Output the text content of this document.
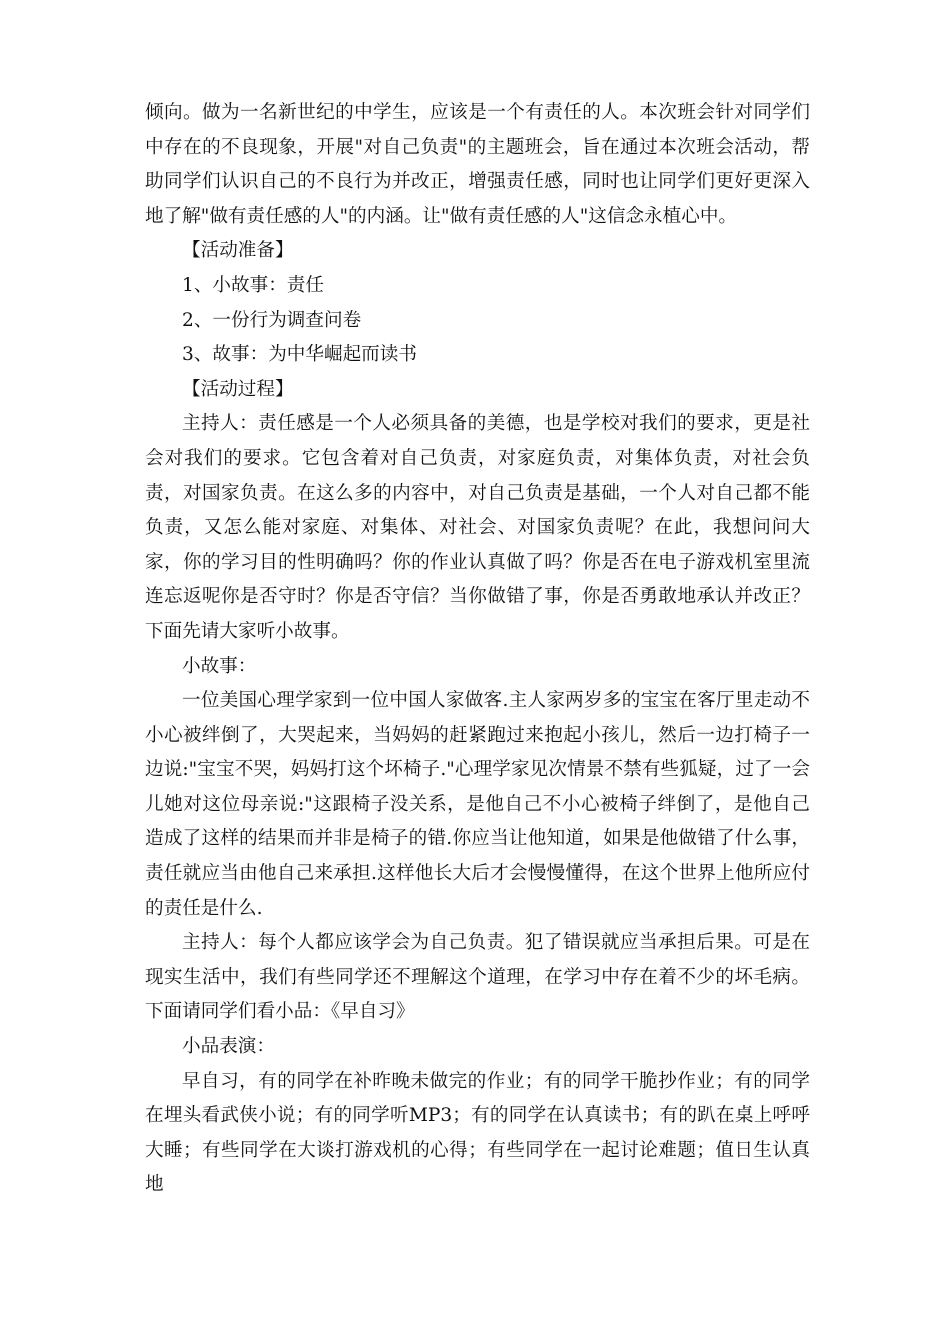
倾向。做为一名新世纪的中学生，应该是一个有责任的人。本次班会针对同学们中存在的不良现象，开展"对自己负责"的主题班会，旨在通过本次班会活动，帮助同学们认识自己的不良行为并改正，增强责任感，同时也让同学们更好更深入地了解"做有责任感的人"的内涵。让"做有责任感的人"这信念永植心中。

【活动准备】

1、小故事：责任

2、一份行为调查问卷

3、故事：为中华崛起而读书

【活动过程】

主持人：责任感是一个人必须具备的美德，也是学校对我们的要求，更是社会对我们的要求。它包含着对自己负责，对家庭负责，对集体负责，对社会负责，对国家负责。在这么多的内容中，对自己负责是基础，一个人对自己都不能负责，又怎么能对家庭、对集体、对社会、对国家负责呢？在此，我想问问大家，你的学习目的性明确吗？你的作业认真做了吗？你是否在电子游戏机室里流连忘返呢你是否守时？你是否守信？当你做错了事，你是否勇敢地承认并改正？下面先请大家听小故事。

小故事：

一位美国心理学家到一位中国人家做客.主人家两岁多的宝宝在客厅里走动不小心被绊倒了，大哭起来，当妈妈的赶紧跑过来抱起小孩儿，然后一边打椅子一边说:"宝宝不哭，妈妈打这个坏椅子."心理学家见次情景不禁有些狐疑，过了一会儿她对这位母亲说:"这跟椅子没关系，是他自己不小心被椅子绊倒了，是他自己造成了这样的结果而并非是椅子的错.你应当让他知道，如果是他做错了什么事，责任就应当由他自己来承担.这样他长大后才会慢慢懂得，在这个世界上他所应付的责任是什么.

主持人：每个人都应该学会为自己负责。犯了错误就应当承担后果。可是在现实生活中，我们有些同学还不理解这个道理，在学习中存在着不少的坏毛病。下面请同学们看小品：《早自习》

小品表演：

早自习，有的同学在补昨晚未做完的作业；有的同学干脆抄作业；有的同学在埋头看武侠小说；有的同学听MP3；有的同学在认真读书；有的趴在桌上呼呼大睡；有些同学在大谈打游戏机的心得；有些同学在一起讨论难题；值日生认真地
